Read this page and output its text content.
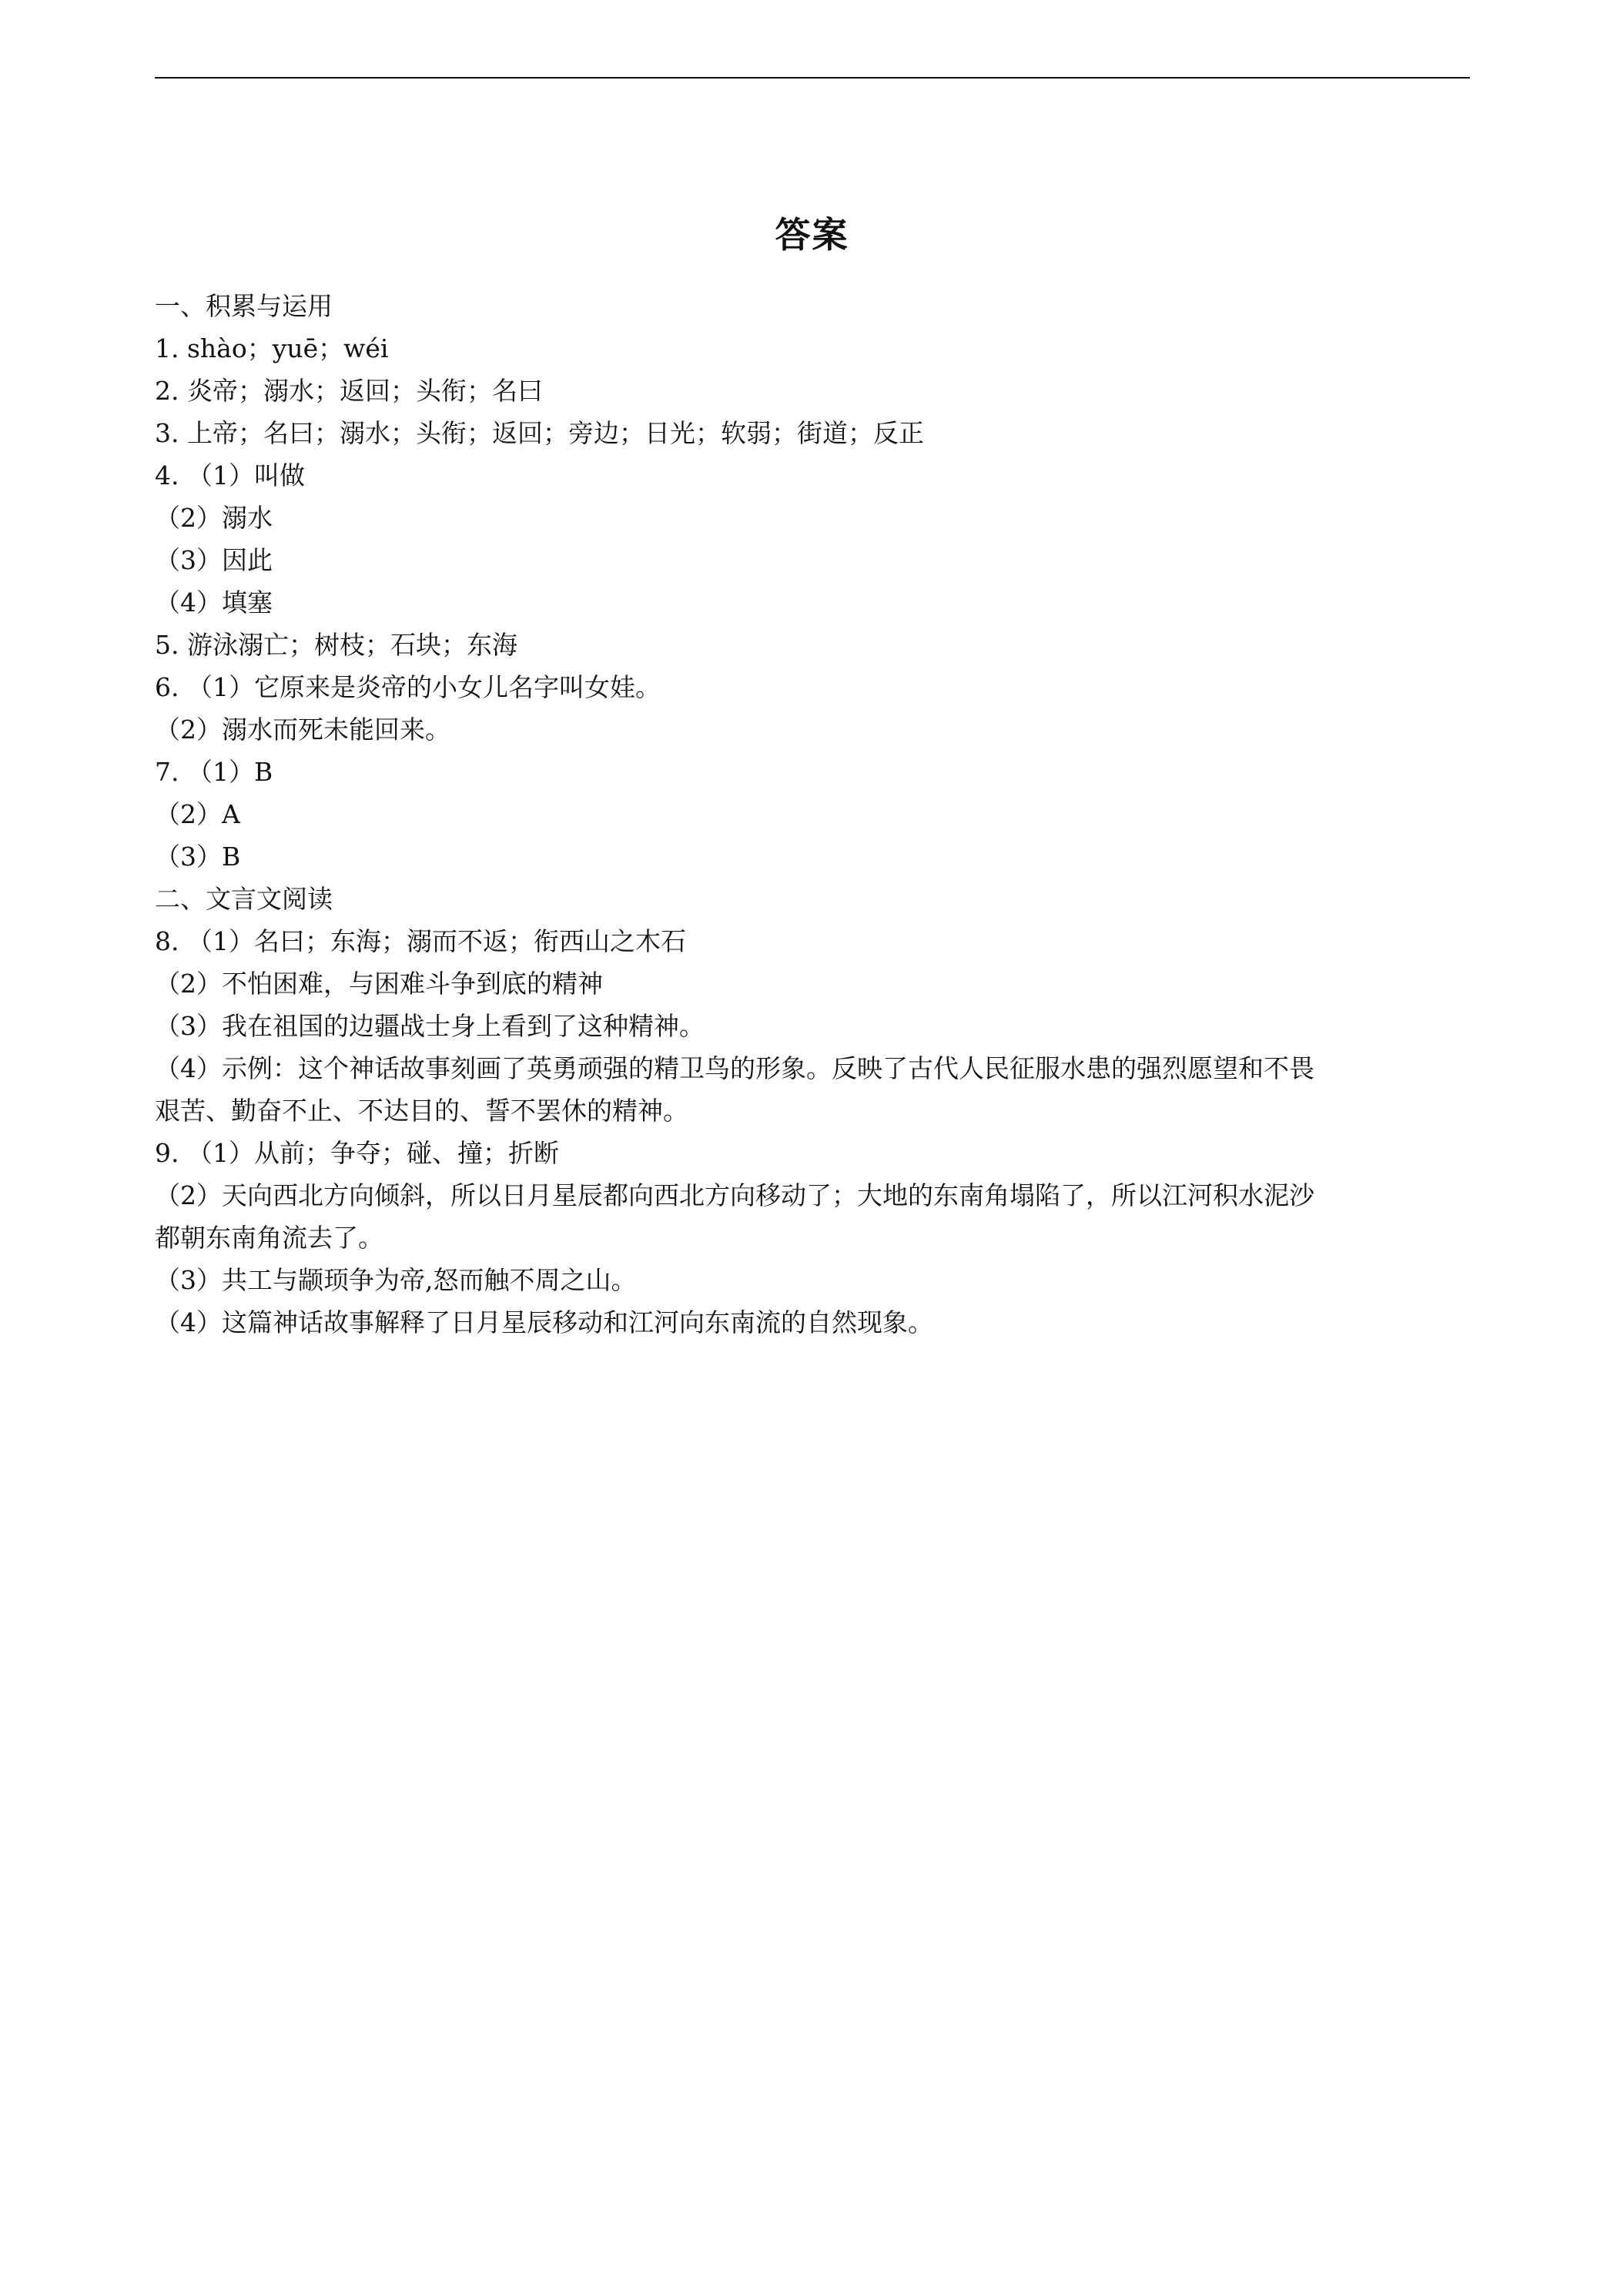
答案
一、积累与运用
1. shào；yuē；wéi
2. 炎帝；溺水；返回；头衔；名曰
3. 上帝；名曰；溺水；头衔；返回；旁边；日光；软弱；街道；反正
4. （1）叫做
（2）溺水
（3）因此
（4）填塞
5. 游泳溺亡；树枝；石块；东海
6. （1）它原来是炎帝的小女儿名字叫女娃。
（2）溺水而死未能回来。
7. （1）B
（2）A
（3）B
二、文言文阅读
8. （1）名曰；东海；溺而不返；衔西山之木石
（2）不怕困难，与困难斗争到底的精神
（3）我在祖国的边疆战士身上看到了这种精神。
（4）示例：这个神话故事刻画了英勇顽强的精卫鸟的形象。反映了古代人民征服水患的强烈愿望和不畏
艰苦、勤奋不止、不达目的、誓不罢休的精神。
9. （1）从前；争夺；碰、撞；折断
（2）天向西北方向倾斜，所以日月星辰都向西北方向移动了；大地的东南角塌陷了，所以江河积水泥沙
都朝东南角流去了。
（3）共工与颛顼争为帝,怒而触不周之山。
（4）这篇神话故事解释了日月星辰移动和江河向东南流的自然现象。
